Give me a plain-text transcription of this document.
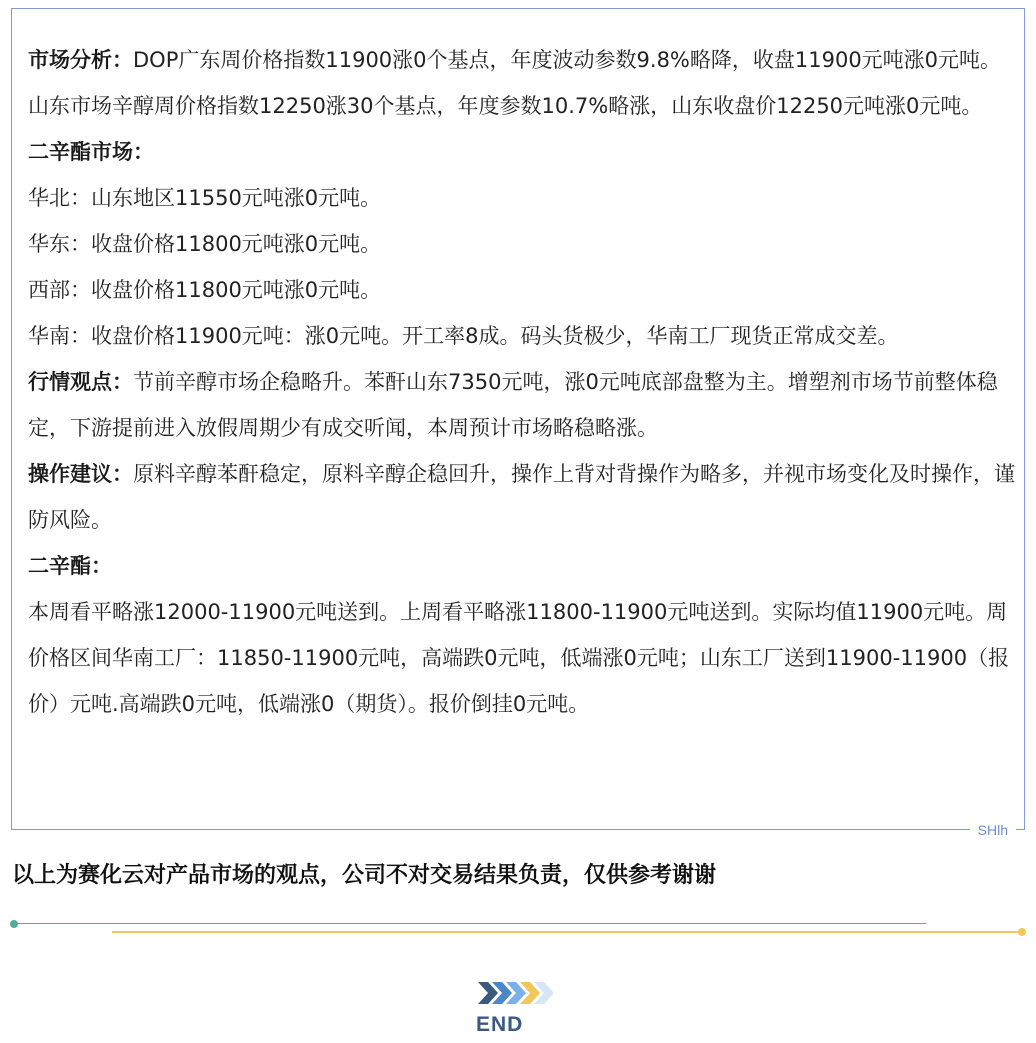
市场分析：DOP广东周价格指数11900涨0个基点，年度波动参数9.8%略降，收盘11900元吨涨0元吨。

山东市场辛醇周价格指数12250涨30个基点，年度参数10.7%略涨，山东收盘价12250元吨涨0元吨。

二辛酯市场：

华北：山东地区11550元吨涨0元吨。

华东：收盘价格11800元吨涨0元吨。

西部：收盘价格11800元吨涨0元吨。

华南：收盘价格11900元吨：涨0元吨。开工率8成。码头货极少，华南工厂现货正常成交差。

行情观点：节前辛醇市场企稳略升。苯酐山东7350元吨，涨0元吨底部盘整为主。增塑剂市场节前整体稳定，下游提前进入放假周期少有成交听闻，本周预计市场略稳略涨。

操作建议：原料辛醇苯酐稳定，原料辛醇企稳回升，操作上背对背操作为略多，并视市场变化及时操作，谨防风险。

二辛酯：

本周看平略涨12000-11900元吨送到。上周看平略涨11800-11900元吨送到。实际均值11900元吨。周价格区间华南工厂：11850-11900元吨，高端跌0元吨，低端涨0元吨；山东工厂送到11900-11900（报价）元吨.高端跌0元吨，低端涨0（期货）。报价倒挂0元吨。

SHlh
以上为赛化云对产品市场的观点，公司不对交易结果负责，仅供参考谢谢
END
